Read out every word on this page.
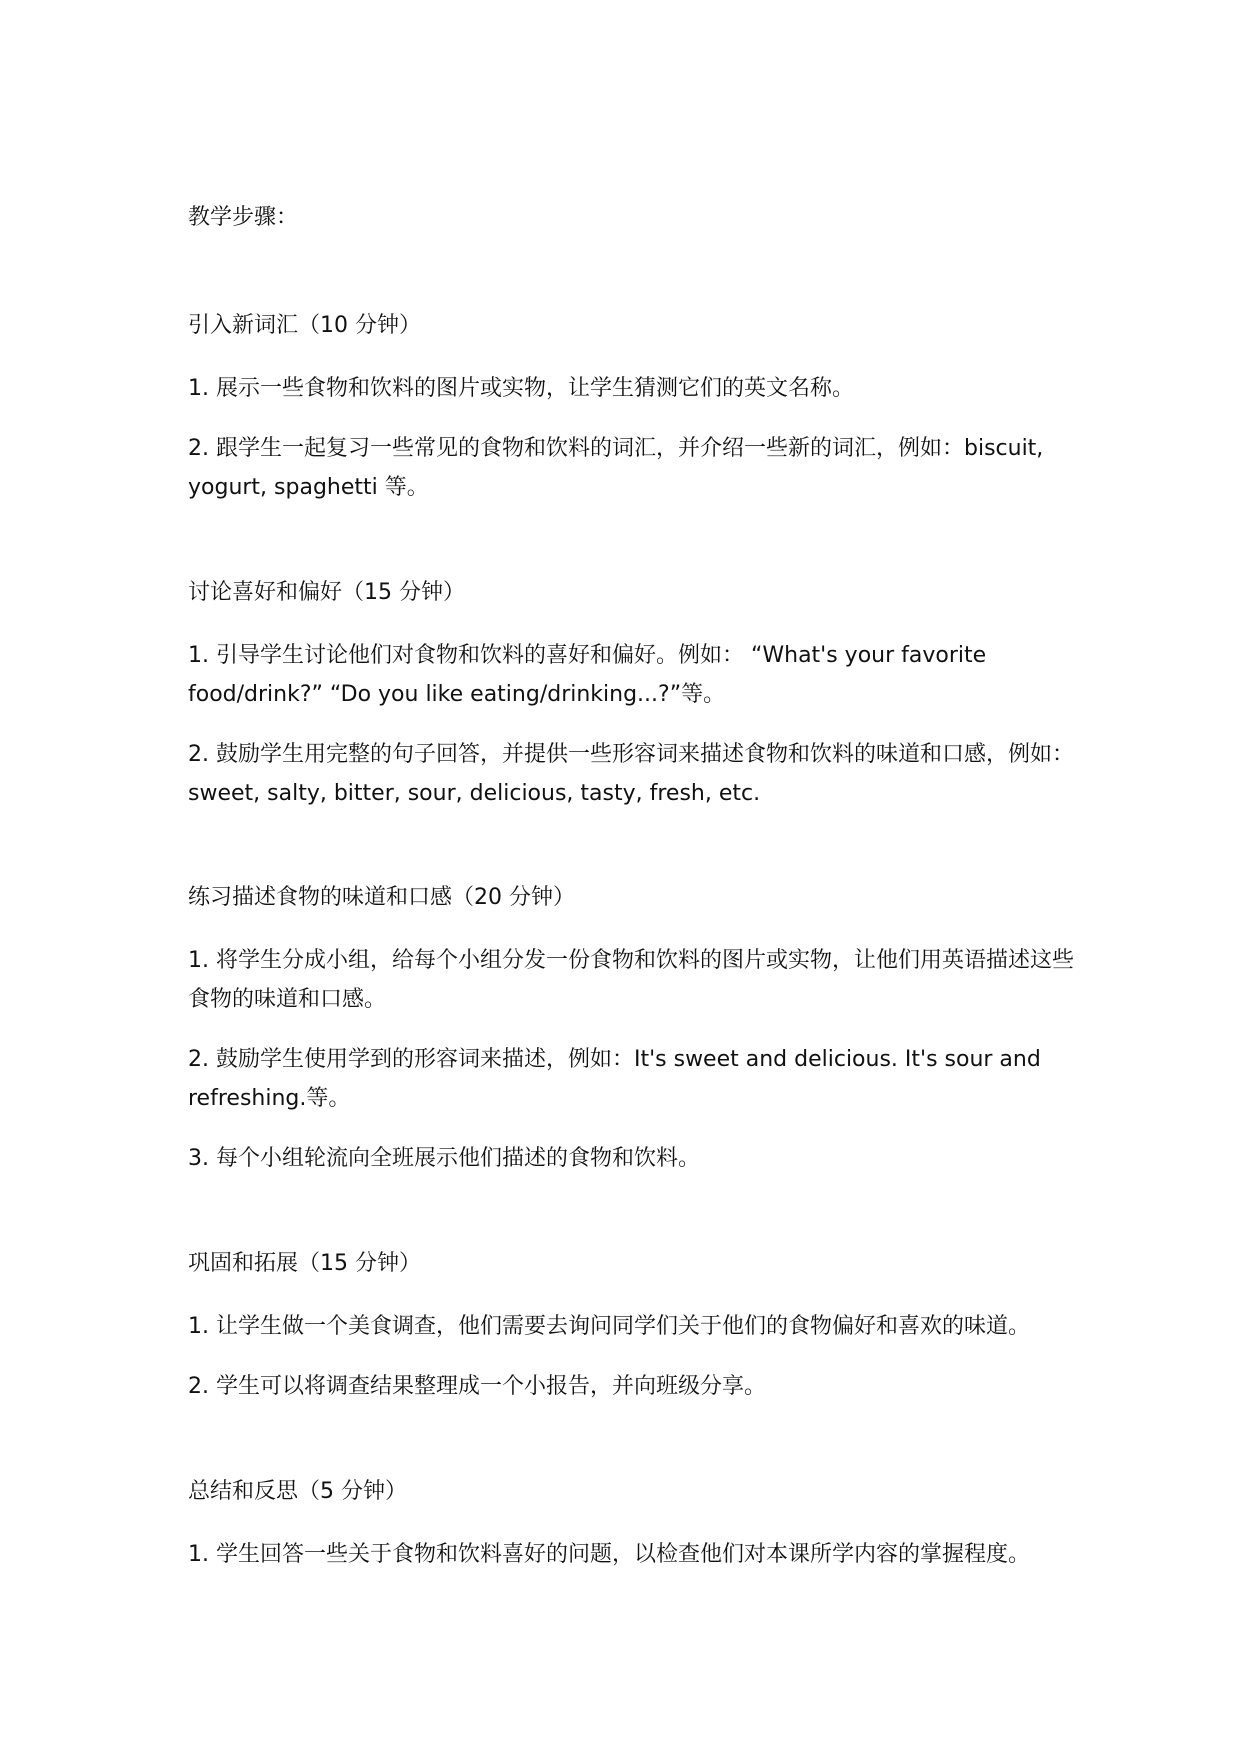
教学步骤：
引入新词汇（10 分钟）
1. 展示一些食物和饮料的图片或实物，让学生猜测它们的英文名称。
2. 跟学生一起复习一些常见的食物和饮料的词汇，并介绍一些新的词汇，例如：biscuit, yogurt, spaghetti 等。
讨论喜好和偏好（15 分钟）
1. 引导学生讨论他们对食物和饮料的喜好和偏好。例如： “What's your favorite food/drink?” “Do you like eating/drinking...?”等。
2. 鼓励学生用完整的句子回答，并提供一些形容词来描述食物和饮料的味道和口感，例如：sweet, salty, bitter, sour, delicious, tasty, fresh, etc.
练习描述食物的味道和口感（20 分钟）
1. 将学生分成小组，给每个小组分发一份食物和饮料的图片或实物，让他们用英语描述这些食物的味道和口感。
2. 鼓励学生使用学到的形容词来描述，例如：It's sweet and delicious. It's sour and refreshing.等。
3. 每个小组轮流向全班展示他们描述的食物和饮料。
巩固和拓展（15 分钟）
1. 让学生做一个美食调查，他们需要去询问同学们关于他们的食物偏好和喜欢的味道。
2. 学生可以将调查结果整理成一个小报告，并向班级分享。
总结和反思（5 分钟）
1. 学生回答一些关于食物和饮料喜好的问题，以检查他们对本课所学内容的掌握程度。
